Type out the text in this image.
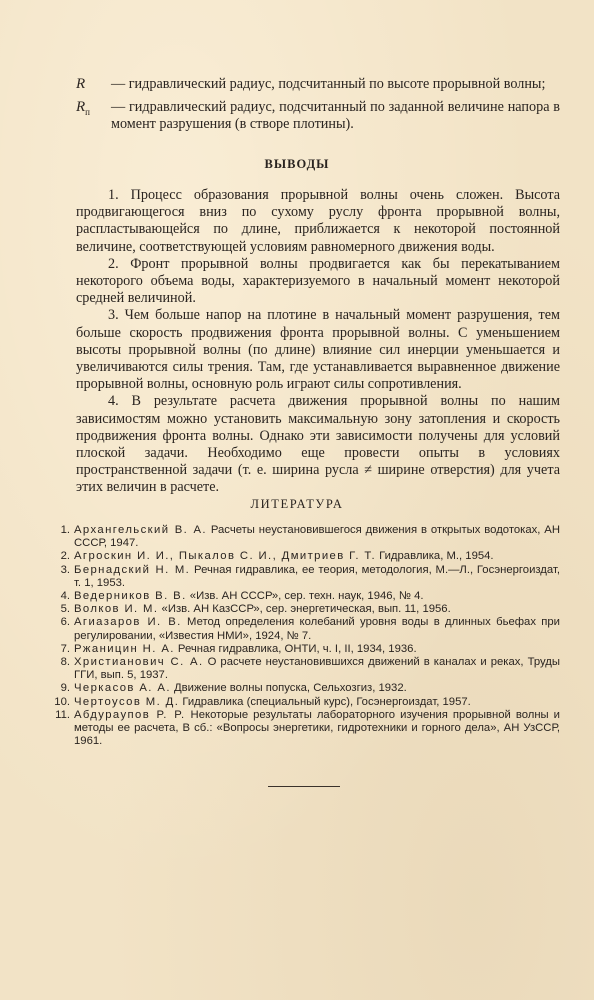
R	— гидравлический радиус, подсчитанный по высоте прорывной волны;
$R_п$	— гидравлический радиус, подсчитанный по заданной величине напора в момент разрушения (в створе плотины).
ВЫВОДЫ

1. Процесс образования прорывной волны очень сложен. Высота продвигающегося вниз по сухому руслу фронта прорывной волны, распластывающейся по длине, приближается к некоторой постоянной величине, соответствующей условиям равномерного движения воды.

2. Фронт прорывной волны продвигается как бы перекатыванием некоторого объема воды, характеризуемого в начальный момент некоторой средней величиной.

3. Чем больше напор на плотине в начальный момент разрушения, тем больше скорость продвижения фронта прорывной волны. С уменьшением высоты прорывной волны (по длине) влияние сил инерции уменьшается и увеличиваются силы трения. Там, где устанавливается выравненное движение прорывной волны, основную роль играют силы сопротивления.

4. В результате расчета движения прорывной волны по нашим зависимостям можно установить максимальную зону затопления и скорость продвижения фронта волны. Однако эти зависимости получены для условий плоской задачи. Необходимо еще провести опыты в условиях пространственной задачи (т. е. ширина русла ≠ ширине отверстия) для учета этих величин в расчете.

ЛИТЕРАТУРА
1. Архангельский В. А. Расчеты неустановившегося движения в открытых водотоках, АН СССР, 1947.
2. Агроскин И. И., Пыкалов С. И., Дмитриев Г. Т. Гидравлика, М., 1954.
3. Бернадский Н. М. Речная гидравлика, ее теория, методология, М.—Л., Госэнергоиздат, т. 1, 1953.
4. Ведерников В. В. «Изв. АН СССР», сер. техн. наук, 1946, № 4.
5. Волков И. М. «Изв. АН КазССР», сер. энергетическая, вып. 11, 1956.
6. Агиазаров И. В. Метод определения колебаний уровня воды в длинных бьефах при регулировании, «Известия НМИ», 1924, № 7.
7. Ржаницин Н. А. Речная гидравлика, ОНТИ, ч. I, II, 1934, 1936.
8. Христианович С. А. О расчете неустановившихся движений в каналах и реках, Труды ГГИ, вып. 5, 1937.
9. Черкасов А. А. Движение волны попуска, Сельхозгиз, 1932.
10. Чертоусов М. Д. Гидравлика (специальный курс), Госэнергоиздат, 1957.
11. Абдураупов Р. Р. Некоторые результаты лабораторного изучения прорывной волны и методы ее расчета, В сб.: «Вопросы энергетики, гидротехники и горного дела», АН УзССР, 1961.
